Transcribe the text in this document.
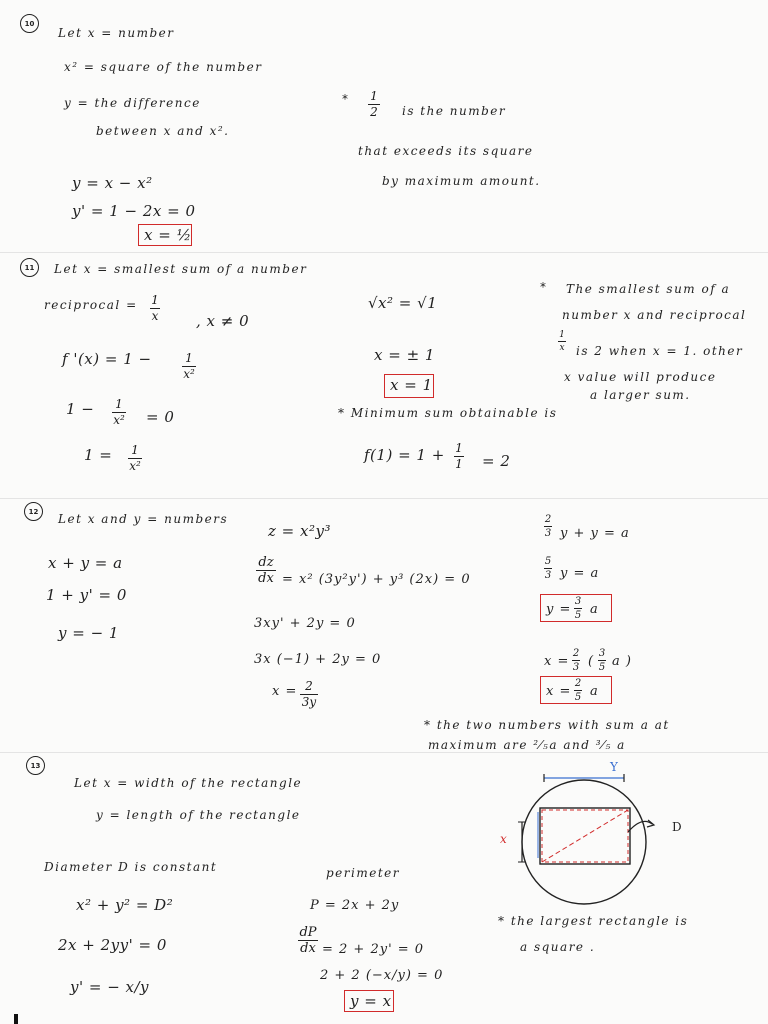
10
Let x = number
x² = square of the number
y = the difference
between x and x².
y = x − x²
y' = 1 − 2x = 0
x = ½
* 1
2 is the number
that exceeds its square
by maximum amount.
11 Let x = smallest sum of a number
reciprocal = 1
x	, x ≠ 0
f '(x) = 1 −	1
x²
1 − 1
x² = 0
1 = 1
x²
√x² = √1
x = ± 1
x = 1
* Minimum sum obtainable is
f(1) = 1 + 1
1 = 2
* The smallest sum of a
number x and reciprocal
1
x is 2 when x = 1. other
x value will produce
a larger sum.
12
Let x and y = numbers
x + y = a
1 + y' = 0
y = − 1
z = x²y³
dz
dx = x² (3y²y') + y³ (2x) = 0
3xy' + 2y = 0
3x (−1) + 2y = 0
x = 2
3y
2
3 y + y = a
5
3 y = a
y =
3
5 a
x =
2
3 (
3
5 a )
x =
2
5 a
* the two numbers with sum a at
maximum are ²⁄₅a and ³⁄₅ a
13
Let x = width of the rectangle
y = length of the rectangle
Diameter D is constant
x² + y² = D²
2x + 2yy' = 0
y' = − x/y
perimeter
P = 2x + 2y
dP
dx = 2 + 2y' = 0
2 + 2 (−x/y) = 0
y = x
Y
x
D
* the largest rectangle is
a square .
